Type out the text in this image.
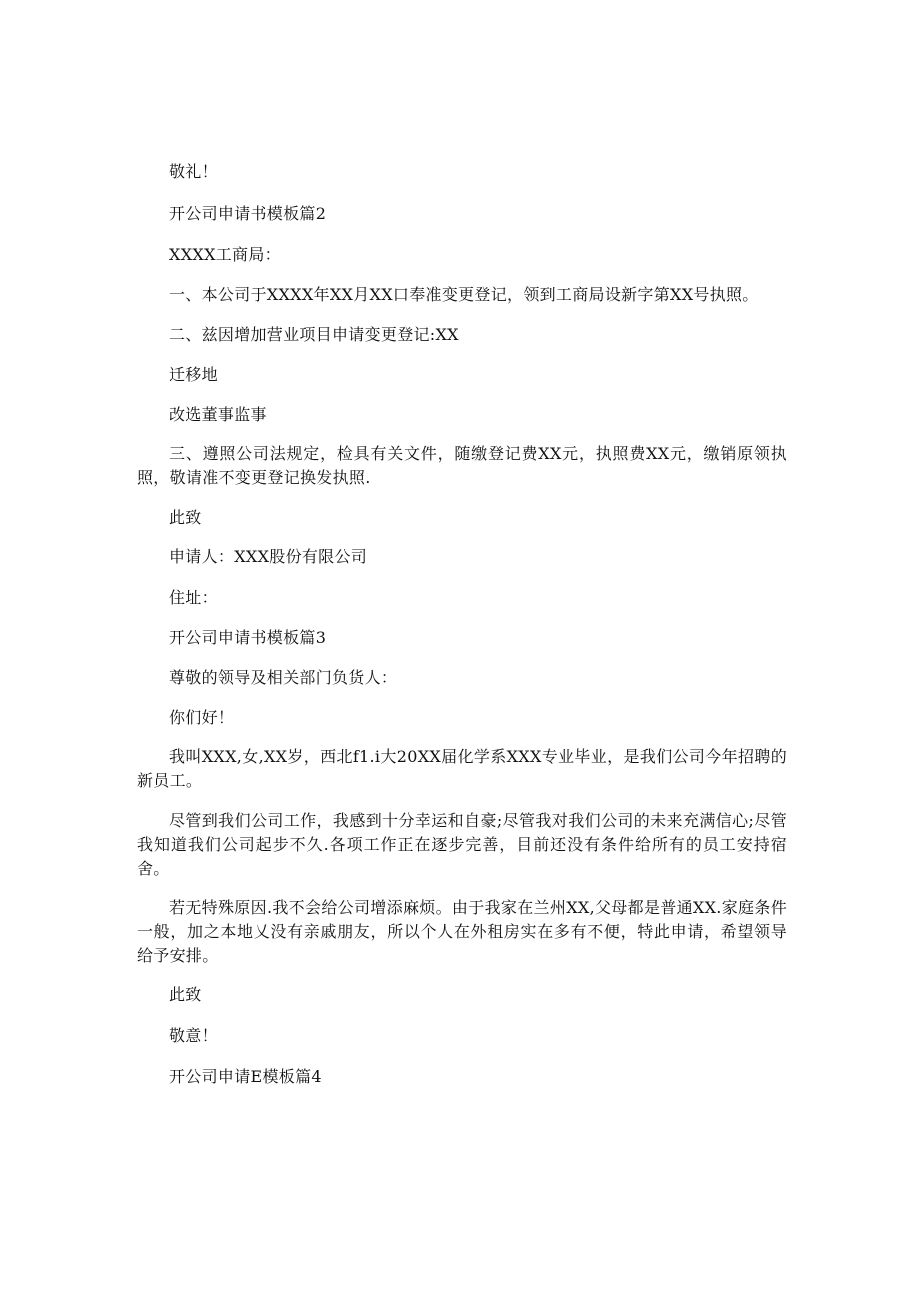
敬礼！
开公司申请书模板篇2
XXXX工商局：
一、本公司于XXXX年XX月XX口奉准变更登记，领到工商局设新字第XX号执照。
二、兹因增加营业项目申请变更登记:XX
迁移地
改选董事监事
三、遵照公司法规定，检具有关文件，随缴登记费XX元，执照费XX元，缴销原领执照，敬请准不变更登记换发执照.
此致
申请人：XXX股份有限公司
住址：
开公司申请书模板篇3
尊敬的领导及相关部门负货人：
你们好！
我叫XXX,女,XX岁，西北f1.i大20XX届化学系XXX专业毕业，是我们公司今年招聘的新员工。
尽管到我们公司工作，我感到十分幸运和自豪;尽管我对我们公司的未来充满信心;尽管我知道我们公司起步不久.各项工作正在逐步完善，目前还没有条件给所有的员工安持宿舍。
若无特殊原因.我不会给公司增添麻烦。由于我家在兰州XX,父母都是普通XX.家庭条件一般，加之本地乂没有亲戚朋友，所以个人在外租房实在多有不便，特此申请，希望领导给予安排。
此致
敬意！
开公司申请E模板篇4
